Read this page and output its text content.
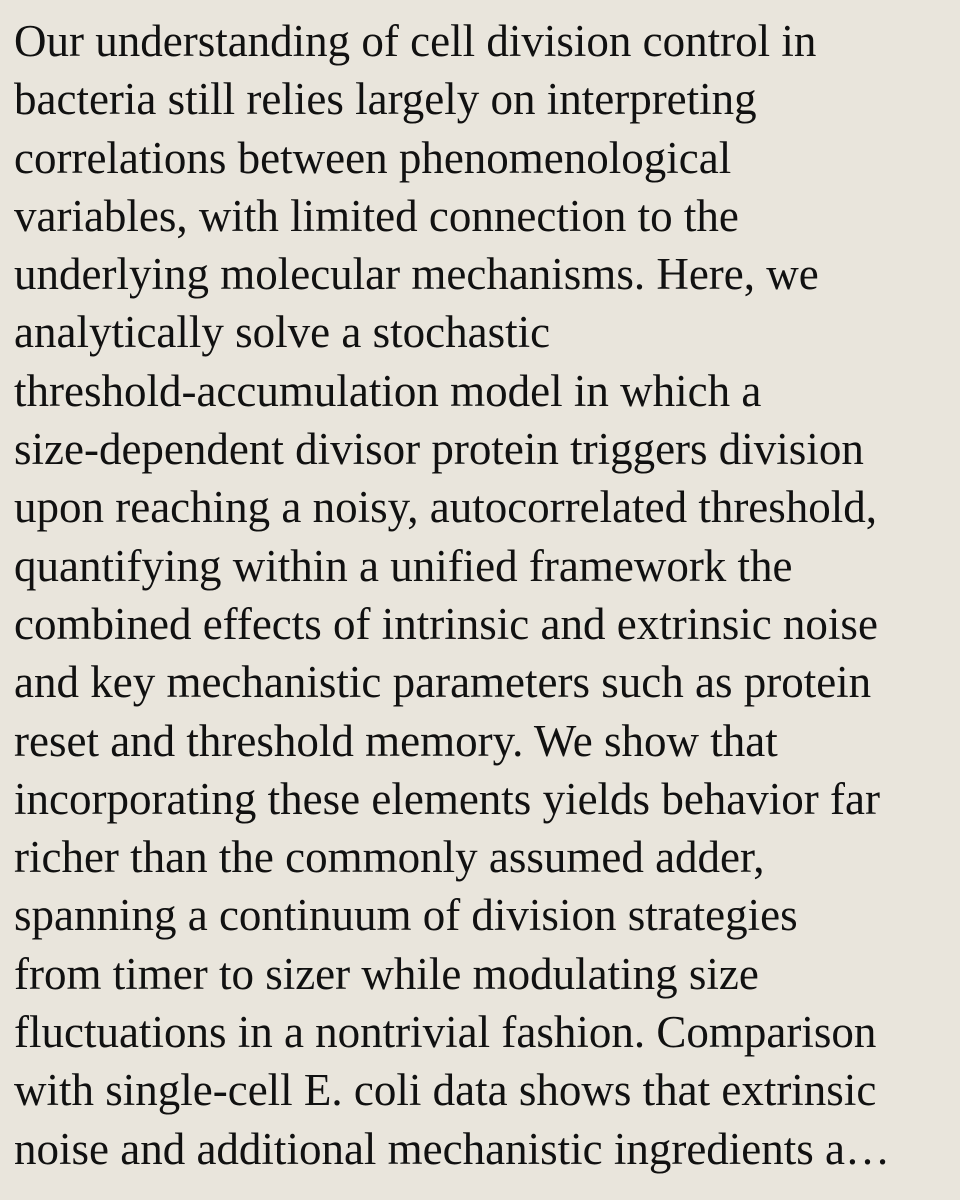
Our understanding of cell division control in
bacteria still relies largely on interpreting
correlations between phenomenological
variables, with limited connection to the
underlying molecular mechanisms. Here, we
analytically solve a stochastic
threshold-accumulation model in which a
size-dependent divisor protein triggers division
upon reaching a noisy, autocorrelated threshold,
quantifying within a unified framework the
combined effects of intrinsic and extrinsic noise
and key mechanistic parameters such as protein
reset and threshold memory. We show that
incorporating these elements yields behavior far
richer than the commonly assumed adder,
spanning a continuum of division strategies
from timer to sizer while modulating size
fluctuations in a nontrivial fashion. Comparison
with single-cell E. coli data shows that extrinsic
noise and additional mechanistic ingredients a…
